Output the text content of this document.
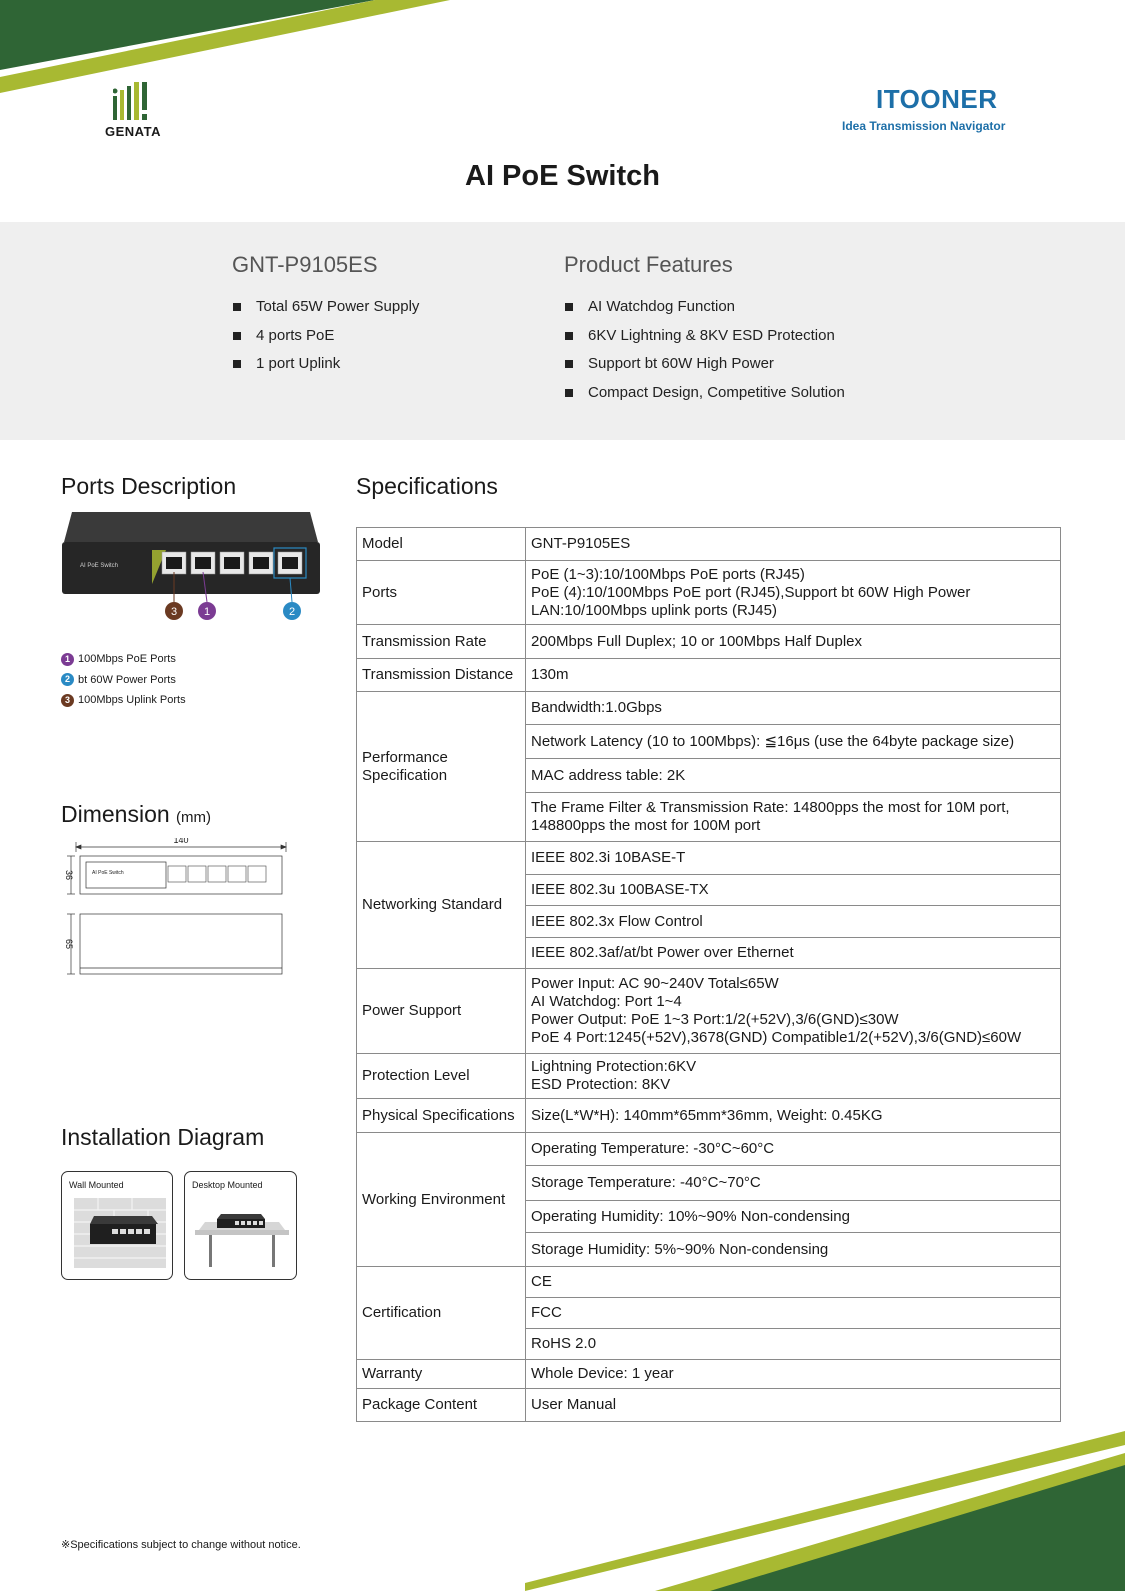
GENATA
ITOONER
Idea Transmission Navigator
AI PoE Switch
GNT-P9105ES
Total 65W Power Supply
4 ports PoE
1 port Uplink
Product Features
AI Watchdog Function
6KV Lightning & 8KV ESD Protection
Support bt 60W High Power
Compact Design, Competitive Solution
Ports Description
AI PoE Switch
3 1	2
1 100Mbps PoE Ports
2 bt 60W Power Ports
3 100Mbps Uplink Ports
Dimension (mm)
140
36
65
AI PoE Switch
Installation Diagram
Wall Mounted	Desktop Mounted
Specifications
Model	GNT-P9105ES
Ports	PoE (1~3):10/100Mbps PoE ports (RJ45)
PoE (4):10/100Mbps PoE port (RJ45),Support bt 60W High Power
LAN:10/100Mbps uplink ports (RJ45)
Transmission Rate	200Mbps Full Duplex; 10 or 100Mbps Half Duplex
Transmission Distance	130m
Performance Specification	Bandwidth:1.0Gbps
	Network Latency (10 to 100Mbps): ≦16μs (use the 64byte package size)
	MAC address table: 2K
	The Frame Filter & Transmission Rate: 14800pps the most for 10M port,
148800pps the most for 100M port
Networking Standard	IEEE 802.3i 10BASE-T
	IEEE 802.3u 100BASE-TX
	IEEE 802.3x Flow Control
	IEEE 802.3af/at/bt Power over Ethernet
Power Support	Power Input: AC 90~240V Total≤65W
AI Watchdog: Port 1~4
Power Output: PoE 1~3 Port:1/2(+52V),3/6(GND)≤30W
PoE 4 Port:1245(+52V),3678(GND) Compatible1/2(+52V),3/6(GND)≤60W
Protection Level	Lightning Protection:6KV
ESD Protection: 8KV
Physical Specifications	Size(L*W*H): 140mm*65mm*36mm, Weight: 0.45KG
Working Environment	Operating Temperature: -30°C~60°C
	Storage Temperature: -40°C~70°C
	Operating Humidity: 10%~90% Non-condensing
	Storage Humidity: 5%~90% Non-condensing
Certification	CE
	FCC
	RoHS 2.0
Warranty	Whole Device: 1 year
Package Content	User Manual
※Specifications subject to change without notice.
